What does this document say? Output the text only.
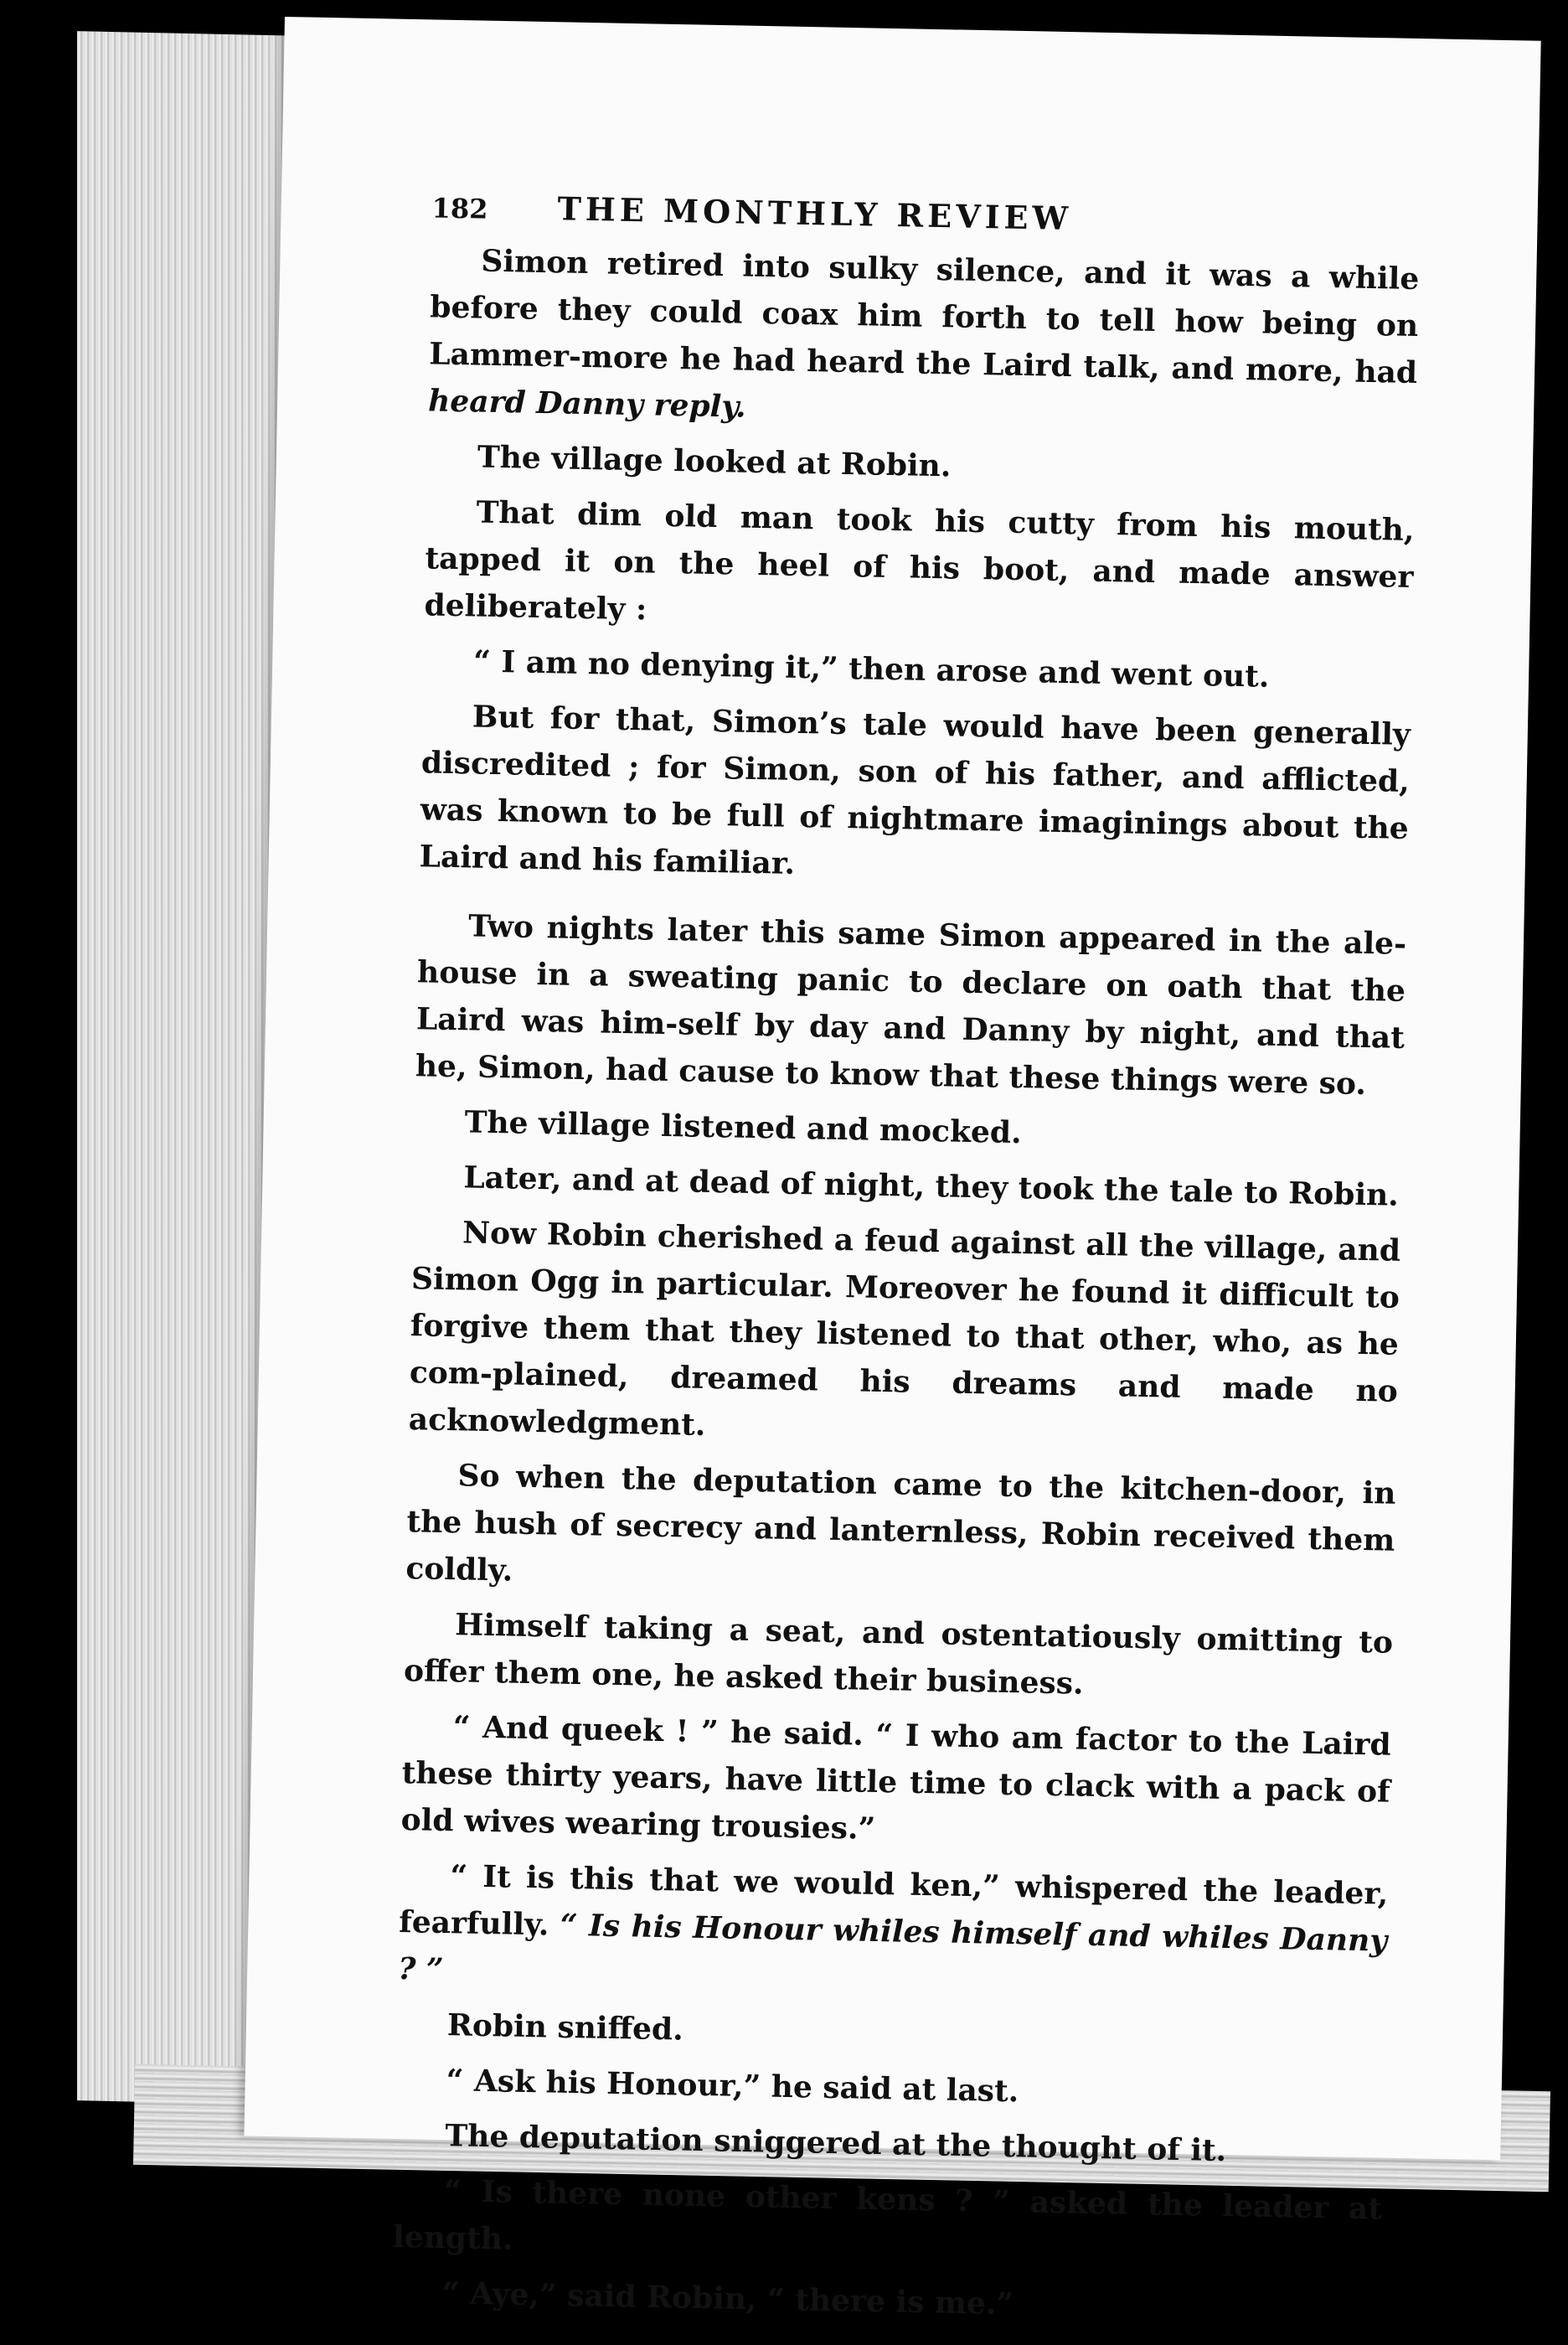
182	THE MONTHLY REVIEW

Simon retired into sulky silence, and it was a while before they could coax him forth to tell how being on Lammer-more he had heard the Laird talk, and more, had heard Danny reply.

The village looked at Robin.

That dim old man took his cutty from his mouth, tapped it on the heel of his boot, and made answer deliberately :

“ I am no denying it,” then arose and went out.

But for that, Simon’s tale would have been generally discredited ; for Simon, son of his father, and afflicted, was known to be full of nightmare imaginings about the Laird and his familiar.

Two nights later this same Simon appeared in the ale-house in a sweating panic to declare on oath that the Laird was him-self by day and Danny by night, and that he, Simon, had cause to know that these things were so.

The village listened and mocked.

Later, and at dead of night, they took the tale to Robin.

Now Robin cherished a feud against all the village, and Simon Ogg in particular. Moreover he found it difficult to forgive them that they listened to that other, who, as he com-plained, dreamed his dreams and made no acknowledgment.

So when the deputation came to the kitchen-door, in the hush of secrecy and lanternless, Robin received them coldly.

Himself taking a seat, and ostentatiously omitting to offer them one, he asked their business.

“ And queek ! ” he said. “ I who am factor to the Laird these thirty years, have little time to clack with a pack of old wives wearing trousies.”

“ It is this that we would ken,” whispered the leader, fearfully. “ Is his Honour whiles himself and whiles Danny ? ”

Robin sniffed.

“ Ask his Honour,” he said at last.

The deputation sniggered at the thought of it.

“ Is there none other kens ? ” asked the leader at length.

“ Aye,” said Robin, “ there is me.”
